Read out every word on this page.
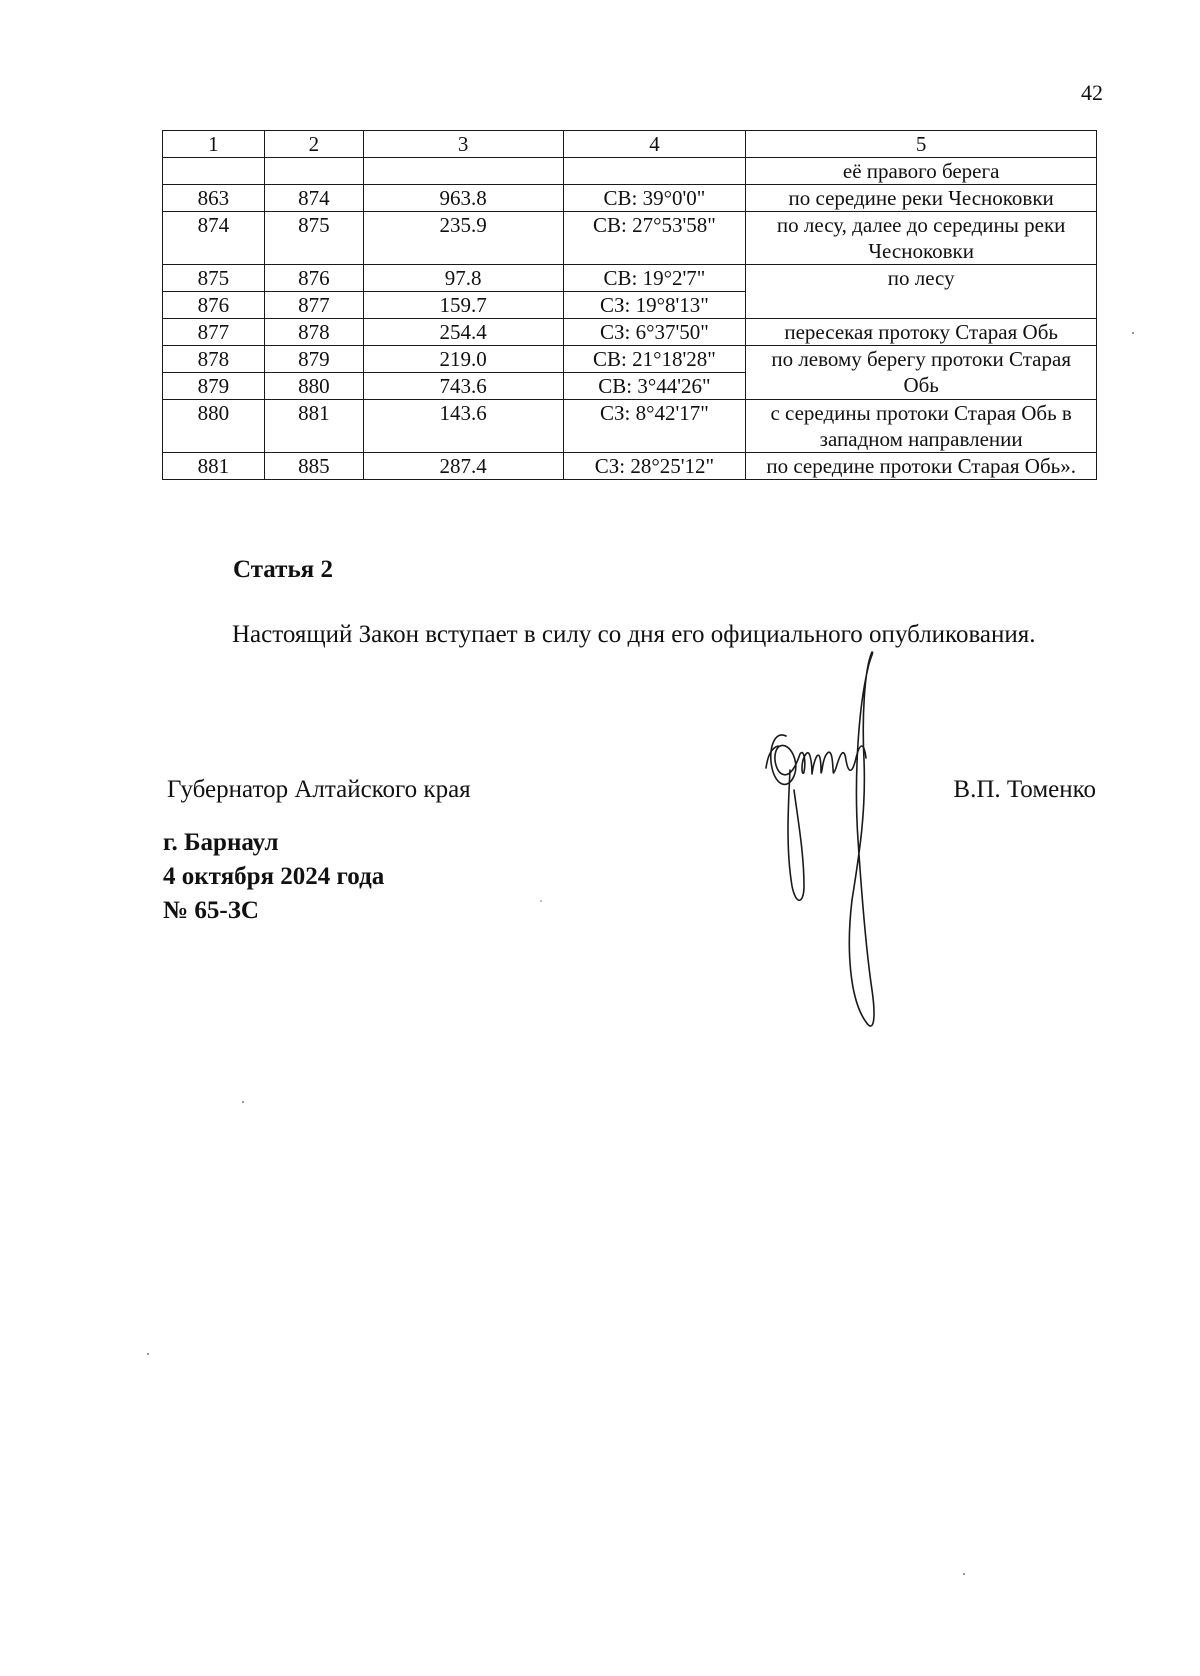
42
1	2	3	4	5
				её правого берега
863	874	963.8	СВ: 39°0'0"	по середине реки Чесноковки
874	875	235.9	СВ: 27°53'58"	по лесу, далее до середины реки Чесноковки
875	876	97.8	СВ: 19°2'7"	по лесу
876	877	159.7	СЗ: 19°8'13"	
877	878	254.4	СЗ: 6°37'50"	пересекая протоку Старая Обь
878	879	219.0	СВ: 21°18'28"	по левому берегу протоки Старая Обь
879	880	743.6	СВ: 3°44'26"	
880	881	143.6	СЗ: 8°42'17"	с середины протоки Старая Обь в западном направлении
881	885	287.4	СЗ: 28°25'12"	по середине протоки Старая Обь».
Статья 2

Настоящий Закон вступает в силу со дня его официального опубликования.

Губернатор Алтайского края	В.П. Томенко
г. Барнаул
4 октября 2024 года
№ 65-ЗС
